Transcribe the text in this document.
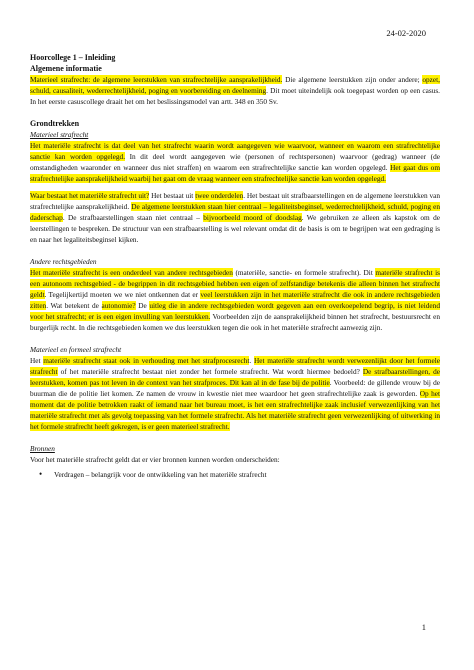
24-02-2020

Hoorcollege 1 – Inleiding

Algemene informatie

Materieel strafrecht: de algemene leerstukken van strafrechtelijke aansprakelijkheid. Die algemene leerstukken zijn onder andere; opzet, schuld, causaliteit, wederrechtelijkheid, poging en voorbereiding en deelneming. Dit moet uiteindelijk ook toegepast worden op een casus. In het eerste casuscollege draait het om het beslissingsmodel van artt. 348 en 350 Sv.

Grondtrekken

Materieel strafrecht

Het materiële strafrecht is dat deel van het strafrecht waarin wordt aangegeven wie waarvoor, wanneer en waarom een strafrechtelijke sanctie kan worden opgelegd. In dit deel wordt aangegeven wie (personen of rechtspersonen) waarvoor (gedrag) wanneer (de omstandigheden waaronder en wanneer dus niet straffen) en waarom een strafrechtelijke sanctie kan worden opgelegd. Het gaat dus om strafrechtelijke aansprakelijkheid waarbij het gaat om de vraag wanneer een strafrechtelijke sanctie kan worden opgelegd.

Waar bestaat het materiële strafrecht uit? Het bestaat uit twee onderdelen. Het bestaat uit strafbaarstellingen en de algemene leerstukken van strafrechtelijke aansprakelijkheid. De algemene leerstukken staan hier centraal – legaliteitsbeginsel, wederrechtelijkheid, schuld, poging en daderschap. De strafbaarstellingen staan niet centraal – bijvoorbeeld moord of doodslag. We gebruiken ze alleen als kapstok om de leerstellingen te bespreken. De structuur van een strafbaarstelling is wel relevant omdat dit de basis is om te begrijpen wat een gedraging is en naar het legaliteitsbeginsel kijken.

Andere rechtsgebieden

Het materiële strafrecht is een onderdeel van andere rechtsgebieden (materiële, sanctie- en formele strafrecht). Dit materiële strafrecht is een autonoom rechtsgebied - de begrippen in dit rechtsgebied hebben een eigen of zelfstandige betekenis die alleen binnen het strafrecht geldt. Tegelijkertijd moeten we we niet ontkennen dat er veel leerstukken zijn in het materiële strafrecht die ook in andere rechtsgebieden zitten. Wat betekent de autonomie? De uitleg die in andere rechtsgebieden wordt gegeven aan een overkoepelend begrip, is niet leidend voor het strafrecht; er is een eigen invulling van leerstukken. Voorbeelden zijn de aansprakelijkheid binnen het strafrecht, bestuursrecht en burgerlijk recht. In die rechtsgebieden komen we dus leerstukken tegen die ook in het materiële strafrecht aanwezig zijn.

Materieel en formeel strafrecht

Het materiële strafrecht staat ook in verhouding met het strafprocesrecht. Het materiële strafrecht wordt verwezenlijkt door het formele strafrecht of het materiële strafrecht bestaat niet zonder het formele strafrecht. Wat wordt hiermee bedoeld? De strafbaarstellingen, de leerstukken, komen pas tot leven in de context van het strafproces. Dit kan al in de fase bij de politie. Voorbeeld: de gillende vrouw bij de buurman die de politie liet komen. Ze namen de vrouw in kwestie niet mee waardoor het geen strafrechtelijke zaak is geworden. Op het moment dat de politie betrokken raakt of iemand naar het bureau moet, is het een strafrechtelijke zaak inclusief verwezenlijking van het materiële strafrecht met als gevolg toepassing van het formele strafrecht. Als het materiële strafrecht geen verwezenlijking of uitwerking in het formele strafrecht heeft gekregen, is er geen materieel strafrecht.

Bronnen

Voor het materiële strafrecht geldt dat er vier bronnen kunnen worden onderscheiden:

• Verdragen – belangrijk voor de ontwikkeling van het materiële strafrecht
1
